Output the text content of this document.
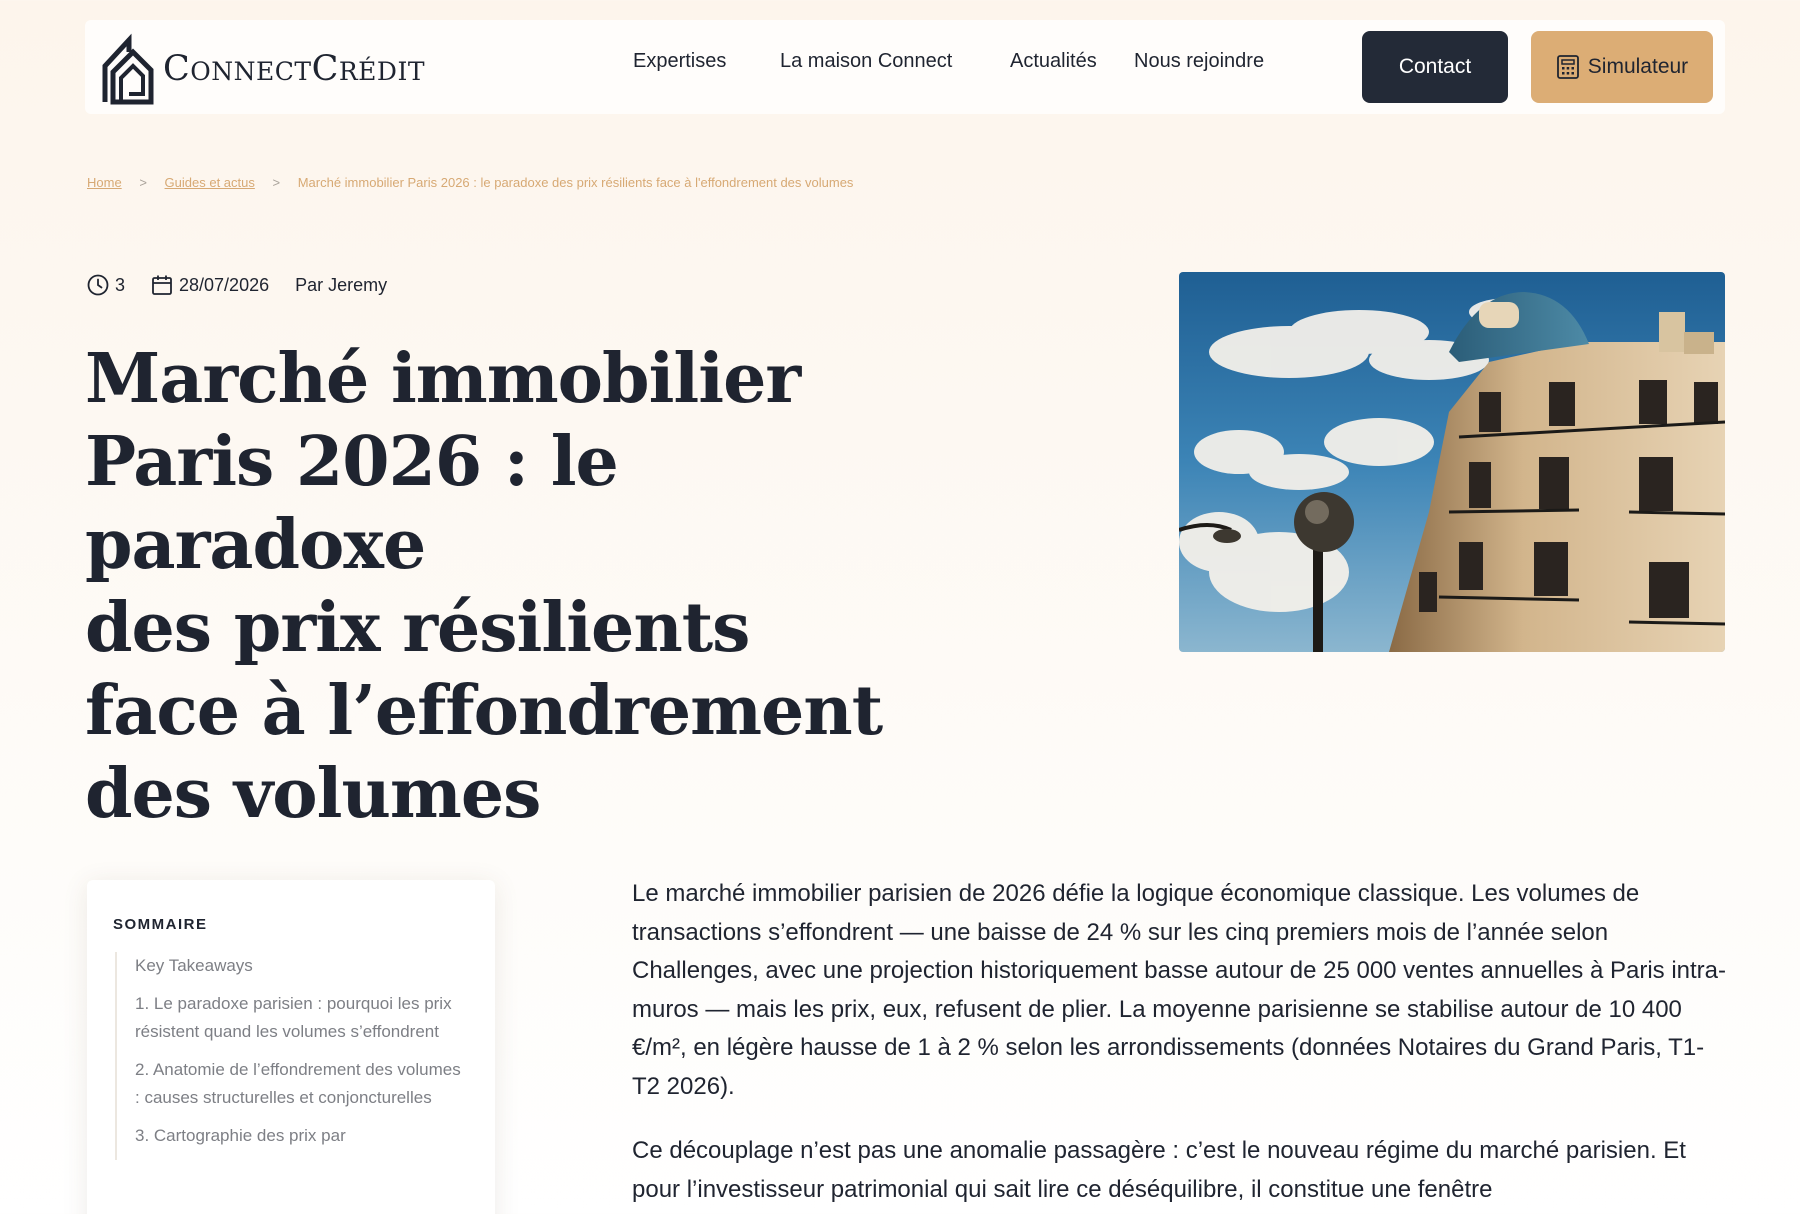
ConnectCrédit	Expertises	La maison Connect	Actualités Nous rejoindre	Contact	Simulateur
Home > Guides et actus > Marché immobilier Paris 2026 : le paradoxe des prix résilients face à l'effondrement des volumes
3	28/07/2026 Par Jeremy
Marché immobilier
Paris 2026 : le paradoxe
des prix résilients
face à l’effondrement
des volumes
SOMMAIRE
Key Takeaways
1. Le paradoxe parisien : pourquoi les prix résistent quand les volumes s’effondrent
2. Anatomie de l’effondrement des volumes : causes structurelles et conjoncturelles
3. Cartographie des prix par

Le marché immobilier parisien de 2026 défie la logique économique classique. Les volumes de transactions s’effondrent — une baisse de 24 % sur les cinq premiers mois de l’année selon Challenges, avec une projection historiquement basse autour de 25 000 ventes annuelles à Paris intra-muros — mais les prix, eux, refusent de plier. La moyenne parisienne se stabilise autour de 10 400 €/m², en légère hausse de 1 à 2 % selon les arrondissements (données Notaires du Grand Paris, T1-T2 2026).

Ce découplage n’est pas une anomalie passagère : c’est le nouveau régime du marché parisien. Et pour l’investisseur patrimonial qui sait lire ce déséquilibre, il constitue une fenêtre
